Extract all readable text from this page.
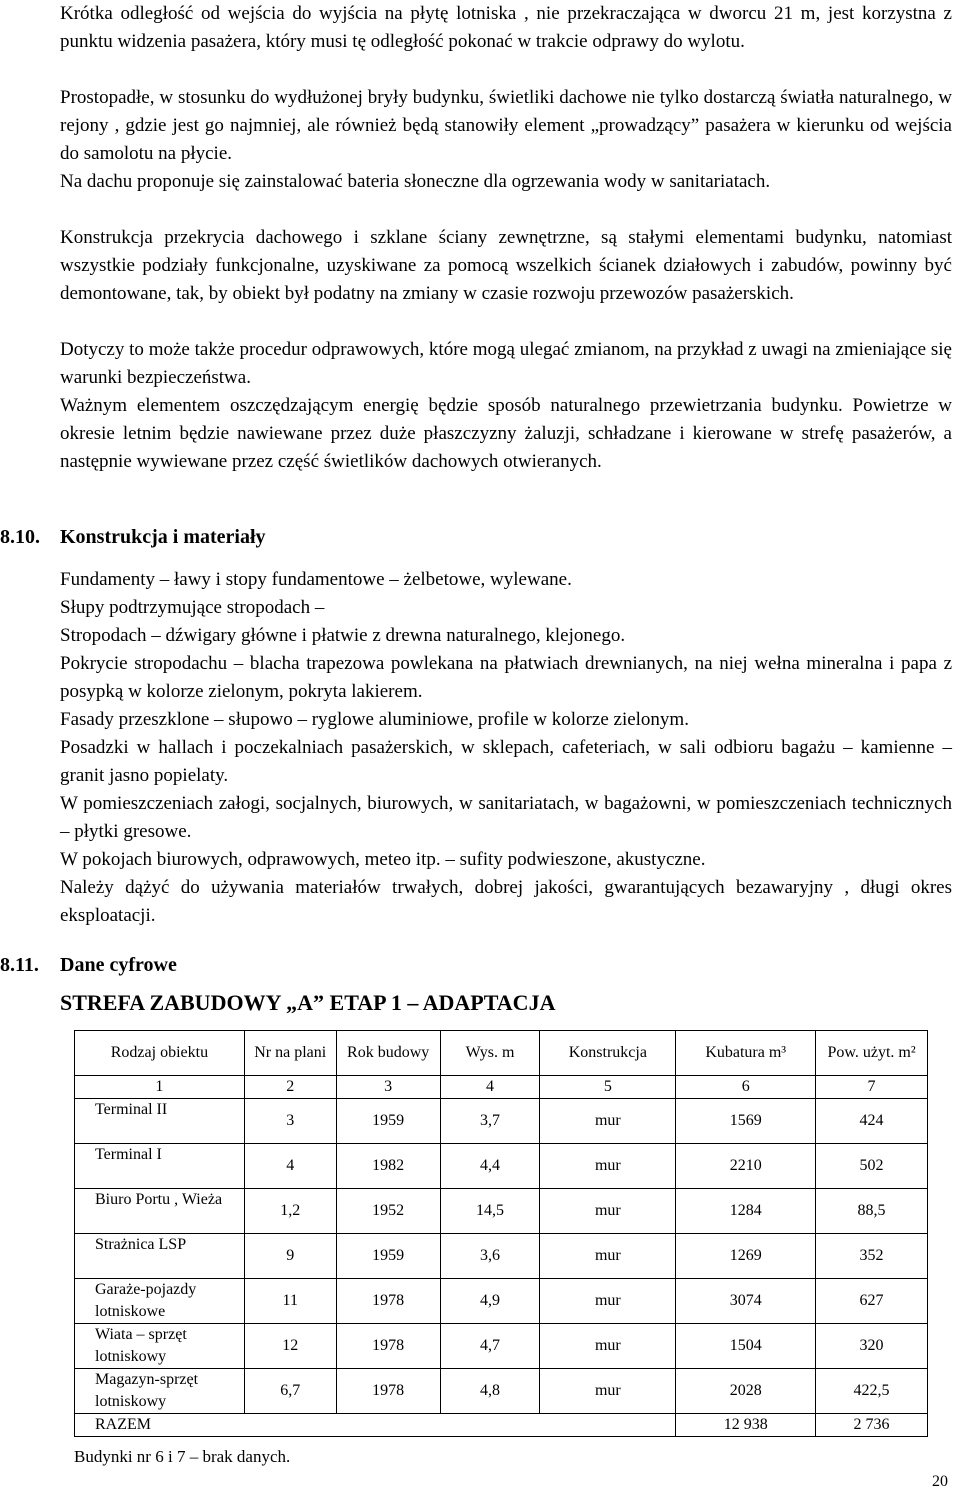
Krótka odległość od wejścia do wyjścia na płytę lotniska , nie przekraczająca w dworcu 21 m, jest korzystna z punktu widzenia pasażera, który musi tę odległość pokonać w trakcie odprawy do wylotu.

Prostopadłe, w stosunku do wydłużonej bryły budynku, świetliki dachowe nie tylko dostarczą światła naturalnego, w rejony , gdzie jest go najmniej, ale również będą stanowiły element „prowadzący” pasażera w kierunku od wejścia do samolotu na płycie.

Na dachu proponuje się zainstalować bateria słoneczne dla ogrzewania wody w sanitariatach.

Konstrukcja przekrycia dachowego i szklane ściany zewnętrzne, są stałymi elementami budynku, natomiast wszystkie podziały funkcjonalne, uzyskiwane za pomocą wszelkich ścianek działowych i zabudów, powinny być demontowane, tak, by obiekt był podatny na zmiany w czasie rozwoju przewozów pasażerskich.

Dotyczy to może także procedur odprawowych, które mogą ulegać zmianom, na przykład z uwagi na zmieniające się warunki bezpieczeństwa.

Ważnym elementem oszczędzającym energię będzie sposób naturalnego przewietrzania budynku. Powietrze w okresie letnim będzie nawiewane przez duże płaszczyzny żaluzji, schładzane i kierowane w strefę pasażerów, a następnie wywiewane przez część świetlików dachowych otwieranych.

8.10. Konstrukcja i materiały

Fundamenty – ławy i stopy fundamentowe – żelbetowe, wylewane.

Słupy podtrzymujące stropodach –

Stropodach – dźwigary główne i płatwie z drewna naturalnego, klejonego.

Pokrycie stropodachu – blacha trapezowa powlekana na płatwiach drewnianych, na niej wełna mineralna i papa z posypką w kolorze zielonym, pokryta lakierem.

Fasady przeszklone – słupowo – ryglowe aluminiowe, profile w kolorze zielonym.

Posadzki w hallach i poczekalniach pasażerskich, w sklepach, cafeteriach, w sali odbioru bagażu – kamienne – granit jasno popielaty.

W pomieszczeniach załogi, socjalnych, biurowych, w sanitariatach, w bagażowni, w pomieszczeniach technicznych – płytki gresowe.

W pokojach biurowych, odprawowych, meteo itp. – sufity podwieszone, akustyczne.

Należy dążyć do używania materiałów trwałych, dobrej jakości, gwarantujących bezawaryjny , długi okres eksploatacji.

8.11. Dane cyfrowe
STREFA ZABUDOWY „A” ETAP 1 – ADAPTACJA
Rodzaj obiektu	Nr na plani	Rok budowy	Wys. m	Konstrukcja	Kubatura m³	Pow. użyt. m²
1	2	3	4	5	6	7
Terminal II	3	1959	3,7	mur	1569	424
Terminal I	4	1982	4,4	mur	2210	502
Biuro Portu , Wieża	1,2	1952	14,5	mur	1284	88,5
Strażnica LSP	9	1959	3,6	mur	1269	352
Garaże-pojazdy lotniskowe	11	1978	4,9	mur	3074	627
Wiata – sprzęt lotniskowy	12	1978	4,7	mur	1504	320
Magazyn-sprzęt lotniskowy	6,7	1978	4,8	mur	2028	422,5
RAZEM					12 938	2 736
Budynki nr 6 i 7 – brak danych.
20
